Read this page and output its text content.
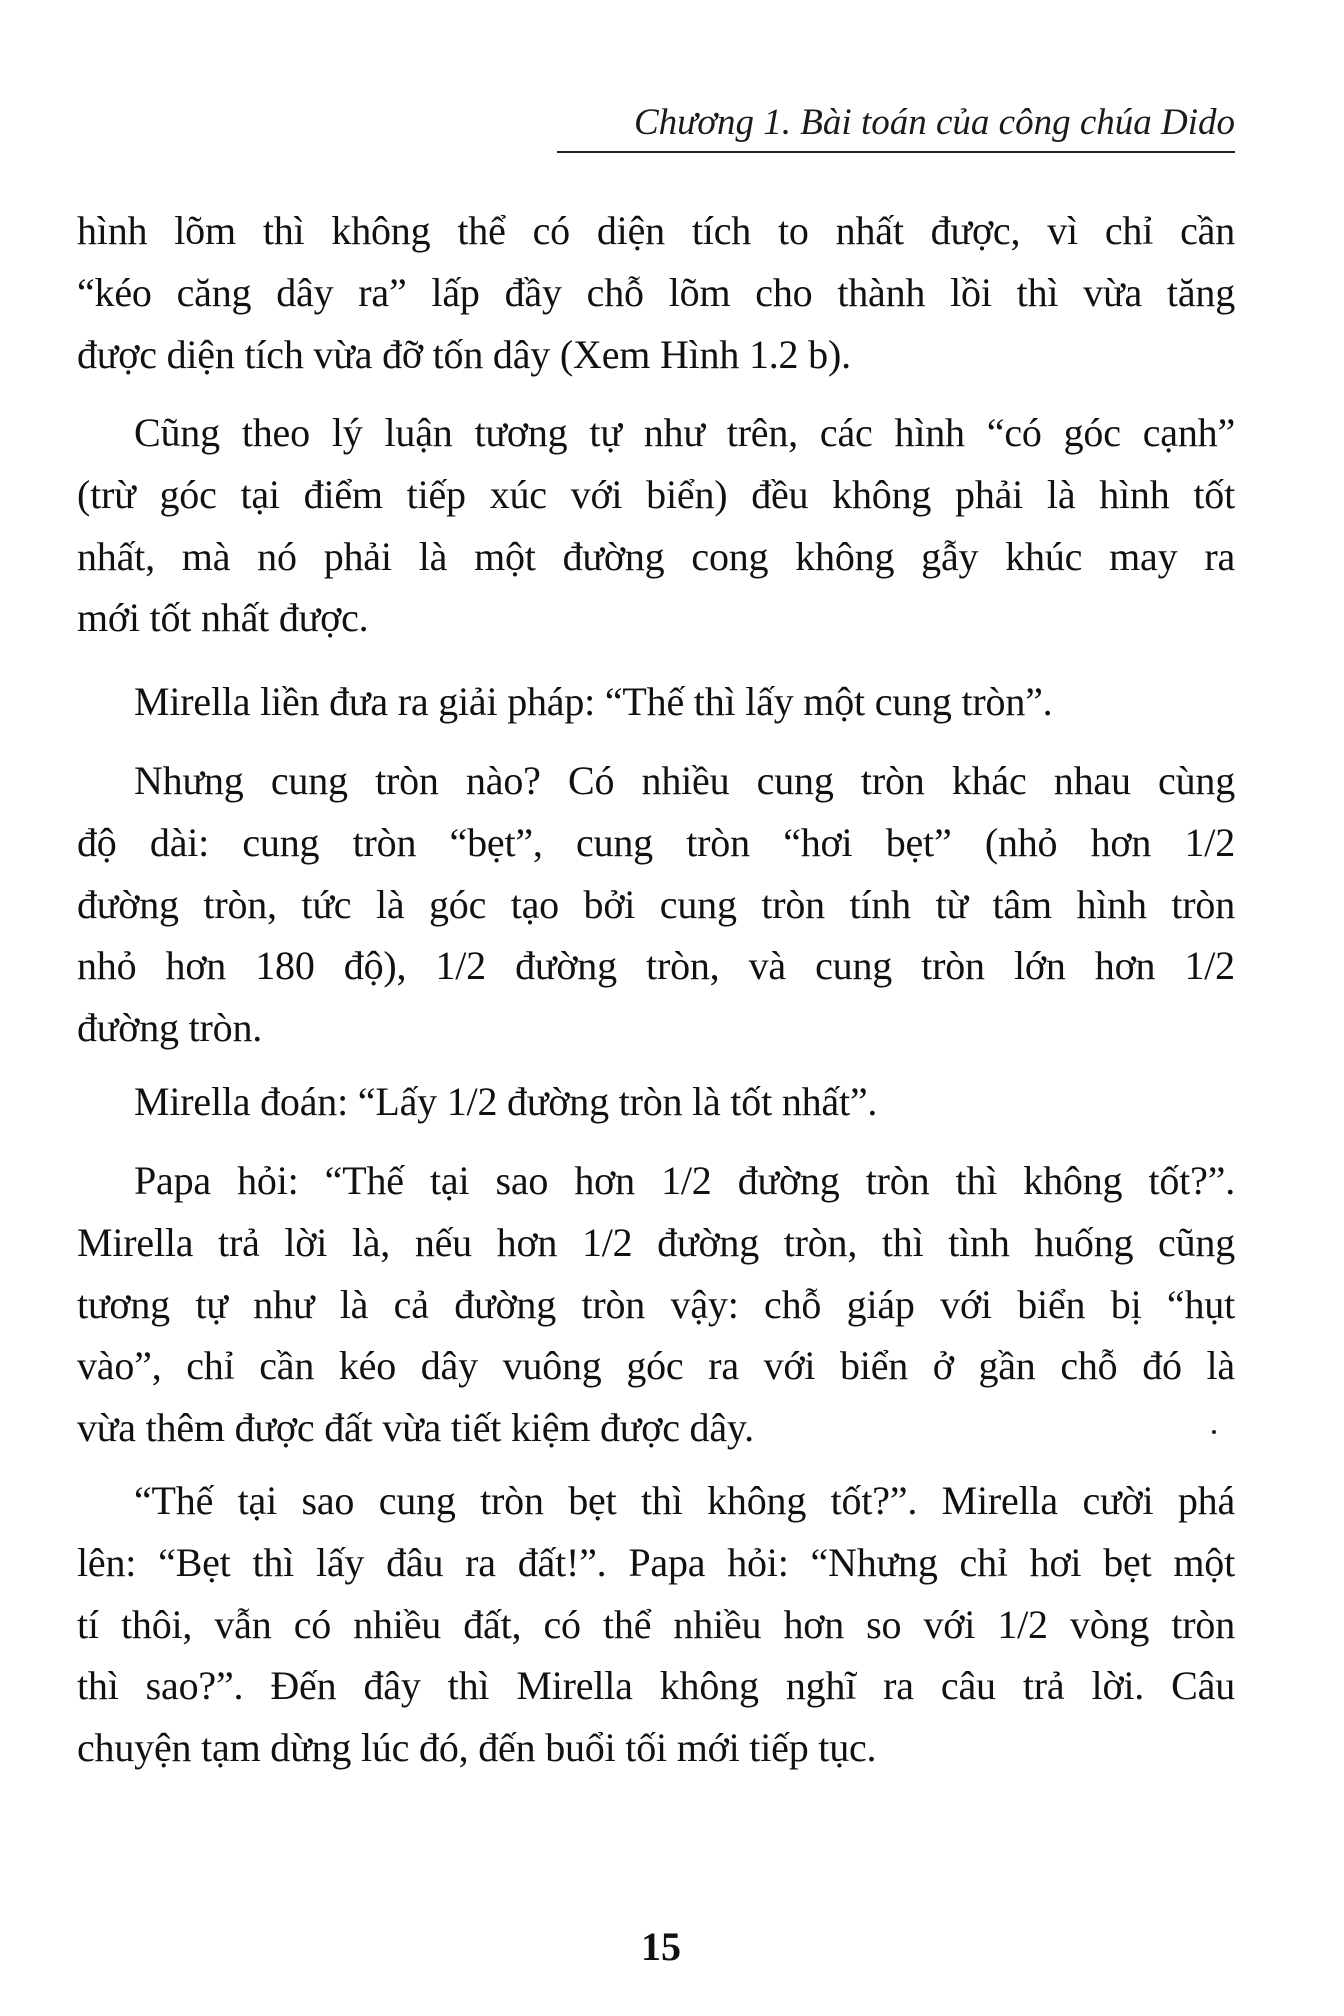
Chương 1. Bài toán của công chúa Dido
hình lõm thì không thể có diện tích to nhất được, vì chỉ cần
“kéo căng dây ra” lấp đầy chỗ lõm cho thành lồi thì vừa tăng
được diện tích vừa đỡ tốn dây (Xem Hình 1.2 b).
Cũng theo lý luận tương tự như trên, các hình “có góc cạnh”
(trừ góc tại điểm tiếp xúc với biển) đều không phải là hình tốt
nhất, mà nó phải là một đường cong không gẫy khúc may ra
mới tốt nhất được.
Mirella liền đưa ra giải pháp: “Thế thì lấy một cung tròn”.
Nhưng cung tròn nào? Có nhiều cung tròn khác nhau cùng
độ dài: cung tròn “bẹt”, cung tròn “hơi bẹt” (nhỏ hơn 1/2
đường tròn, tức là góc tạo bởi cung tròn tính từ tâm hình tròn
nhỏ hơn 180 độ), 1/2 đường tròn, và cung tròn lớn hơn 1/2
đường tròn.
Mirella đoán: “Lấy 1/2 đường tròn là tốt nhất”.
Papa hỏi: “Thế tại sao hơn 1/2 đường tròn thì không tốt?”.
Mirella trả lời là, nếu hơn 1/2 đường tròn, thì tình huống cũng
tương tự như là cả đường tròn vậy: chỗ giáp với biển bị “hụt
vào”, chỉ cần kéo dây vuông góc ra với biển ở gần chỗ đó là
vừa thêm được đất vừa tiết kiệm được dây.
“Thế tại sao cung tròn bẹt thì không tốt?”. Mirella cười phá
lên: “Bẹt thì lấy đâu ra đất!”. Papa hỏi: “Nhưng chỉ hơi bẹt một
tí thôi, vẫn có nhiều đất, có thể nhiều hơn so với 1/2 vòng tròn
thì sao?”. Đến đây thì Mirella không nghĩ ra câu trả lời. Câu
chuyện tạm dừng lúc đó, đến buổi tối mới tiếp tục.
15
